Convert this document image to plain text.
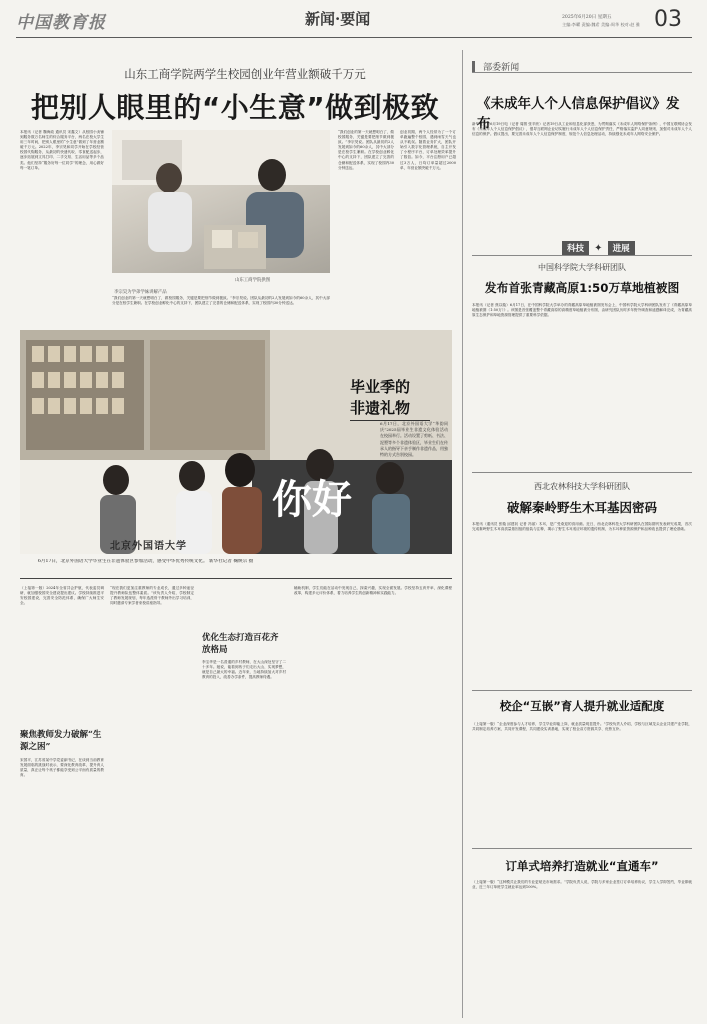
中国教育报	新闻·要闻	2025年6月20日 星期五
主编:李曜 责编:魏希 美编:周华 校对:赵 雅 03
山东工商学院两学生校园创业年营业额破千万元
把别人眼里的“小生意”做到极致
本报讯（记者 魏海政 通讯员 宋鑫文）从校园小卖铺到服务数万名师生的综合服务平台，两名在校大学生用三年时间，把别人眼里的“小生意”做到了年营业额破千万元。2022年，李宗昊和同学开始在学校经营校园代购服务，从最初的快递代取、零食配送起步，逐步拓展到文具打印、二手交易、生活用品等多个品类。他们坚持“服务好每一位同学”的理念，用心做好每一笔订单。
山东工商学院供图
李宗昊为学弟学妹讲解产品
“我们创业的第一天就想明白了，做校园服务，关键是要把细节做到极致。”李宗昊说。团队从最初的2人发展到如今的60余人，其中大部分是在校学生兼职。在学校创业孵化中心的支持下，团队建立了完善的仓储和配送体系，实现了校园内30分钟送达。
创业初期，两个人经常为了一个订单跑遍整个校园，遇到雨雪天气也从不耽误。随着业务扩大，团队开始引入数字化管理系统，自主开发了小程序平台，订单处理效率提升了数倍。如今，平台注册用户已超过3万人，日均订单量超过2000单，年营业额突破千万元。
“我们创业的第一天就想明白了，做校园服务，关键是要把细节做到极致。”李宗昊说。团队从最初的2人发展到如今的60余人，其中大部分是在校学生兼职。在学校创业孵化中心的支持下，团队建立了完善的仓储和配送体系，实现了校园内30分钟送达。
北京外国语大学
你好
毕业季的
非遗礼物
6月17日，北京外国语大学“华韵同庆”2025届毕业生非遗文化体验活动在校园举行。活动设置了剪纸、书法、泥塑等多个非遗体验区，毕业生们在传承人的指导下亲手制作非遗作品，用独特的方式告别校园。
6月17日，北京外国语大学毕业生在非遗体验区参加活动，感受中华优秀传统文化。 新华社记者 鞠焕宗 摄
（上接第一版）2024年全省共会护航，代表委员调研，就加强校园安全建设提出建议。学校持续推进平安校园建设，完善安全防范体系，确保广大师生安全。
聚焦教师发力破解“生源之困”
宋国平，江苏省某中学党委副书记，在谈到当前教育发展面临的挑战时表示，要深化教育改革，提升育人质量，真正让每个孩子都能享受到公平而有质量的教育。
“现在我们更加注重教师的专业成长，通过多种途径提升教师队伍整体素质。”该负责人介绍，学校制定了教师发展规划，每年选派骨干教师外出学习培训，同时邀请专家学者来校讲座指导。
优化生态打造百花齐放格局
李宝华是一名普通的乡村教师，在大山深处坚守了二十多年。她说，能看到孩子们走出大山、实现梦想，就是自己最大的幸福。近年来，当地持续加大对乡村教育的投入，改善办学条件，提高教师待遇。
辅助机制，学生们能在活动中发现自己，探索兴趣，实现全面发展。学校坚持五育并举，深化课程改革，构建多元评价体系，着力培养学生的创新精神和实践能力。
部委新闻
《未成年人个人信息保护倡议》发布
新华社北京6月19日电（记者 周圆 张辛欣）记者19日从工业和信息化部获悉，为贯彻落实《未成年人网络保护条例》，中国互联网协会发布《未成年人个人信息保护倡议》，倡导互联网企业切实履行未成年人个人信息保护责任，严格落实监护人同意规则，加强对未成年人个人信息的保护。倡议提出，要完善未成年人个人信息保护制度，规范个人信息处理活动，持续强化未成年人网络安全保护。
科技 ✦ 进展
中国科学院大学科研团队
发布首张青藏高原1:50万草地植被图
本报讯（记者 焦以璇）6月17日，在中国科学院大学举办的青藏高原草地植被图发布会上，中国科学院大学科研团队发布了《青藏高原草地植被图（1:50万）》。该图是首张覆盖整个青藏高原的高精度草地植被分布图，由研究团队历时多年野外调查和遥感解译完成，为青藏高原生态保护和草地资源管理提供了重要科学依据。
西北农林科技大学科研团队
破解秦岭野生木耳基因密码
本报讯（通讯员 张璇 邱建钊 记者 冯丽）木耳，是广受欢迎的食用菌。近日，西北农林科技大学科研团队在国际期刊发表研究成果，首次完成秦岭野生木耳高质量基因组的组装与注释，揭示了野生木耳适应环境的遗传机制，为木耳种质资源保护和品种改良提供了理论基础。
校企“互嵌”育人提升就业适配度
（上接第一版）“企业深度参与人才培养，学生毕业即能上岗，就业质量明显提升。”学校负责人介绍，学校与区域龙头企业共建产业学院，共同制定培养方案，共同开发课程，共同建设实训基地，实现了校企双方资源共享、优势互补。
订单式培养打造就业“直通车”
（上接第一版）“这种模式让我们的专业更贴近市场需求。”学院负责人说，学院与多家企业签订订单培养协议，学生入学即签约，毕业即就业，近三年订单班学生就业率达到100%。
